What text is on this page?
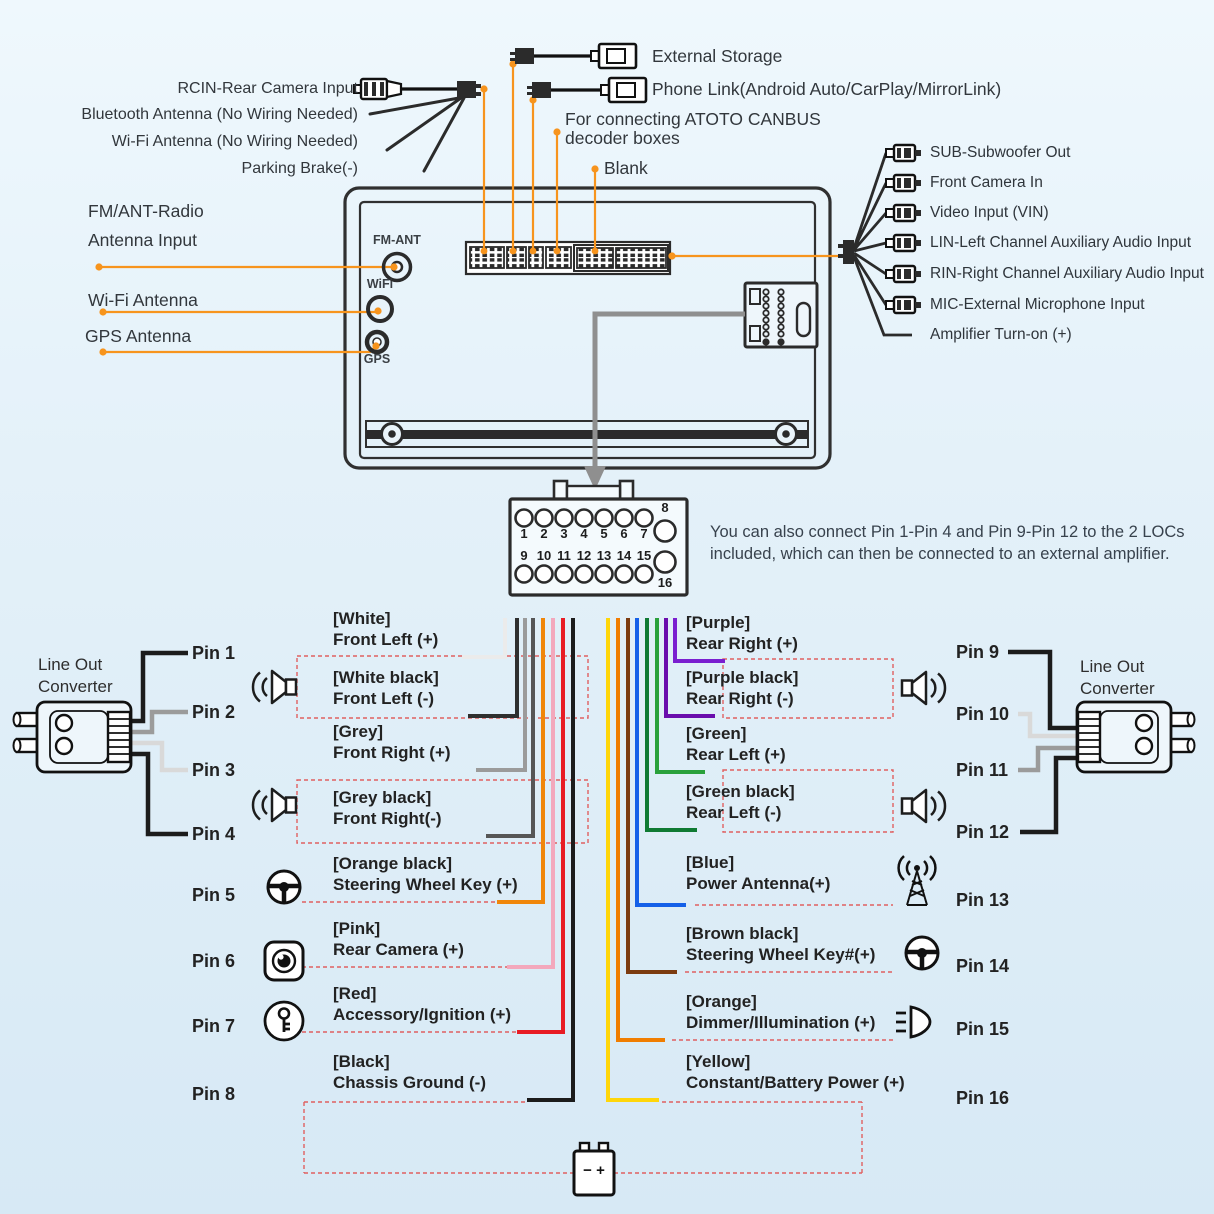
RCIN-Rear Camera Input
Bluetooth Antenna (No Wiring Needed)
Wi-Fi Antenna (No Wiring Needed)
Parking Brake(-)
External Storage
Phone Link(Android Auto/CarPlay/MirrorLink)
For connecting ATOTO CANBUS
decoder boxes
Blank
FM/ANT-Radio
Antenna Input
Wi-Fi Antenna
GPS Antenna
FM-ANT
WiFi
GPS
SUB-Subwoofer Out
Front Camera In
Video Input (VIN)
LIN-Left Channel Auxiliary Audio Input
RIN-Right Channel Auxiliary Audio Input
MIC-External Microphone Input
Amplifier Turn-on (+)
1 2 3 4 5 6 7
8
9 10 11 12 13 14 15
16
You can also connect Pin 1-Pin 4 and Pin 9-Pin 12 to the 2 LOCs
included, which can then be connected to an external amplifier.
Line Out
Converter
Line Out
Converter
Pin 1
Pin 2
Pin 3
Pin 4
Pin 5
Pin 6
Pin 7
Pin 8
Pin 9
Pin 10
Pin 11
Pin 12
Pin 13
Pin 14
Pin 15
Pin 16
[White]
Front Left (+)
[White black]
Front Left (-)
[Grey]
Front Right (+)
[Grey black]
Front Right(-)
[Orange black]
Steering Wheel Key (+)
[Pink]
Rear Camera (+)
[Red]
Accessory/Ignition (+)
[Black]
Chassis Ground (-)
[Purple]
Rear Right (+)
[Purple black]
Rear Right (-)
[Green]
Rear Left (+)
[Green black]
Rear Left (-)
[Blue]
Power Antenna(+)
[Brown black]
Steering Wheel Key#(+)
[Orange]
Dimmer/Illumination (+)
[Yellow]
Constant/Battery Power (+)
− +
